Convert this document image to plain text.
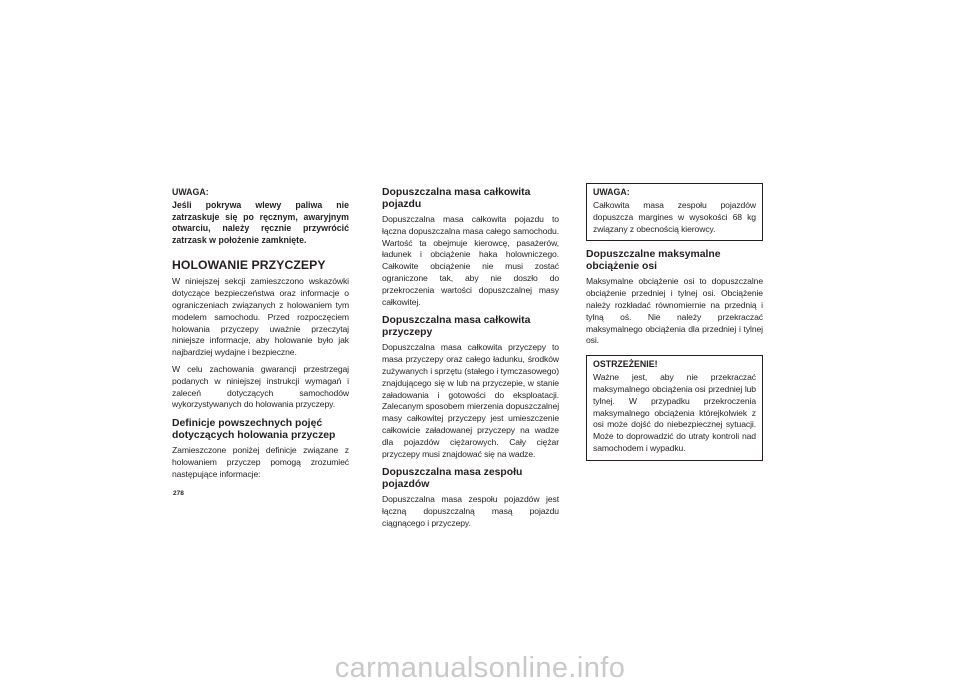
UWAGA:

Jeśli pokrywa wlewy paliwa nie zatrzaskuje się po ręcznym, awaryjnym otwarciu, należy ręcznie przywrócić zatrzask w położenie zamknięte.

HOLOWANIE PRZYCZEPY

W niniejszej sekcji zamieszczono wskazówki dotyczące bezpieczeństwa oraz informacje o ograniczeniach związanych z holowaniem tym modelem samochodu. Przed rozpoczęciem holowania przyczepy uważnie przeczytaj niniejsze informacje, aby holowanie było jak najbardziej wydajne i bezpieczne.

W celu zachowania gwarancji przestrzegaj podanych w niniejszej instrukcji wymagań i zaleceń dotyczących samochodów wykorzystywanych do holowania przyczepy.

Definicje powszechnych pojęć dotyczących holowania przyczep

Zamieszczone poniżej definicje związane z holowaniem przyczep pomogą zrozumieć następujące informacje:

Dopuszczalna masa całkowita pojazdu

Dopuszczalna masa całkowita pojazdu to łączna dopuszczalna masa całego samochodu. Wartość ta obejmuje kierowcę, pasażerów, ładunek i obciążenie haka holowniczego. Całkowite obciążenie nie musi zostać ograniczone tak, aby nie doszło do przekroczenia wartości dopuszczalnej masy całkowitej.

Dopuszczalna masa całkowita przyczepy

Dopuszczalna masa całkowita przyczepy to masa przyczepy oraz całego ładunku, środków zużywanych i sprzętu (stałego i tymczasowego) znajdującego się w lub na przyczepie, w stanie załadowania i gotowości do eksploatacji. Zalecanym sposobem mierzenia dopuszczalnej masy całkowitej przyczepy jest umieszczenie całkowicie załadowanej przyczepy na wadze dla pojazdów ciężarowych. Cały ciężar przyczepy musi znajdować się na wadze.

Dopuszczalna masa zespołu pojazdów

Dopuszczalna masa zespołu pojazdów jest łączną dopuszczalną masą pojazdu ciągnącego i przyczepy.

UWAGA:

Całkowita masa zespołu pojazdów dopuszcza margines w wysokości 68 kg związany z obecnością kierowcy.

Dopuszczalne maksymalne obciążenie osi

Maksymalne obciążenie osi to dopuszczalne obciążenie przedniej i tylnej osi. Obciążenie należy rozkładać równomiernie na przednią i tylną oś. Nie należy przekraczać maksymalnego obciążenia dla przedniej i tylnej osi.

OSTRZEŻENIE!

Ważne jest, aby nie przekraczać maksymalnego obciążenia osi przedniej lub tylnej. W przypadku przekroczenia maksymalnego obciążenia którejkolwiek z osi może dojść do niebezpiecznej sytuacji. Może to doprowadzić do utraty kontroli nad samochodem i wypadku.

278
carmanualsonline.info
